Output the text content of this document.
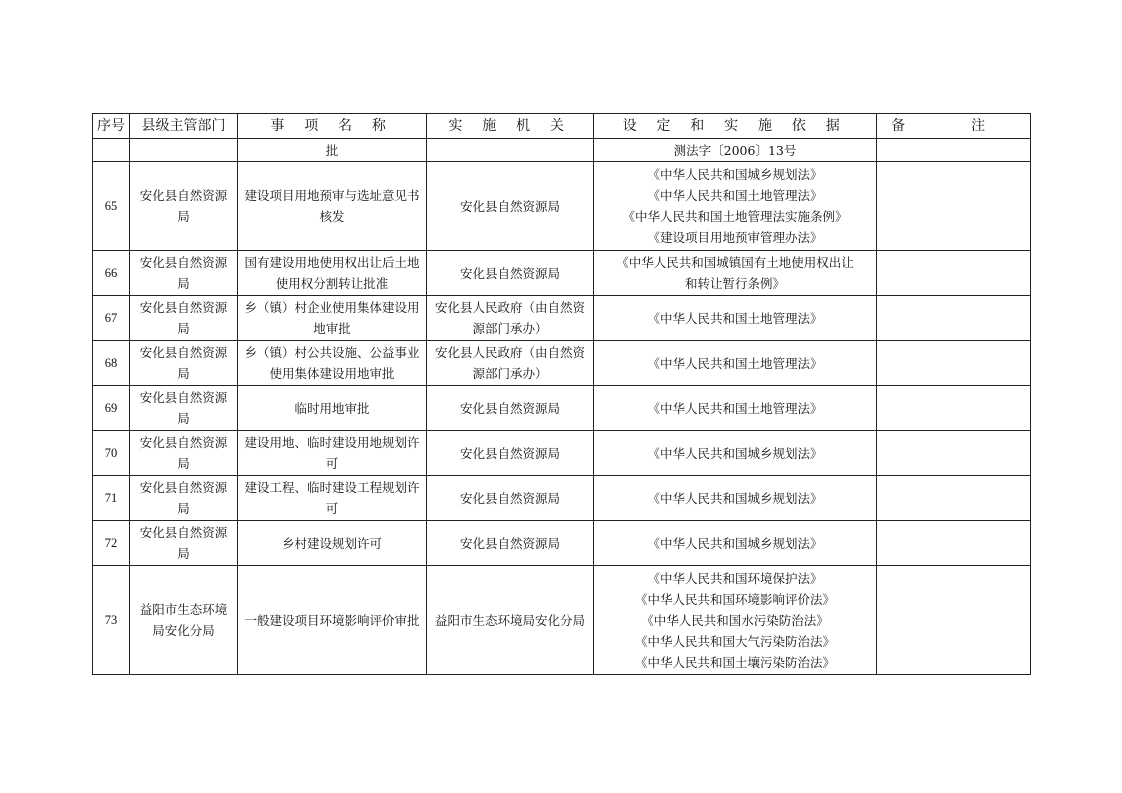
序号	县级主管部门	事 项 名 称	实 施 机 关	设 定 和 实 施 依 据	备 注
		批		测法字〔2006〕13号	

65	安化县自然资源局	建设项目用地预审与选址意见书核发	安化县自然资源局	《中华人民共和国城乡规划法》
《中华人民共和国土地管理法》
《中华人民共和国土地管理法实施条例》
《建设项目用地预审管理办法》	

66	安化县自然资源局	国有建设用地使用权出让后土地使用权分割转让批准	安化县自然资源局	《中华人民共和国城镇国有土地使用权出让
和转让暂行条例》	

67	安化县自然资源局	乡（镇）村企业使用集体建设用地审批	安化县人民政府（由自然资源部门承办）	《中华人民共和国土地管理法》	

68	安化县自然资源局	乡（镇）村公共设施、公益事业使用集体建设用地审批	安化县人民政府（由自然资源部门承办）	《中华人民共和国土地管理法》	

69	安化县自然资源局	临时用地审批	安化县自然资源局	《中华人民共和国土地管理法》	

70	安化县自然资源局	建设用地、临时建设用地规划许可	安化县自然资源局	《中华人民共和国城乡规划法》	

71	安化县自然资源局	建设工程、临时建设工程规划许可	安化县自然资源局	《中华人民共和国城乡规划法》	

72	安化县自然资源局	乡村建设规划许可	安化县自然资源局	《中华人民共和国城乡规划法》	

73	益阳市生态环境局安化分局	一般建设项目环境影响评价审批	益阳市生态环境局安化分局	《中华人民共和国环境保护法》
《中华人民共和国环境影响评价法》
《中华人民共和国水污染防治法》
《中华人民共和国大气污染防治法》
《中华人民共和国土壤污染防治法》	
